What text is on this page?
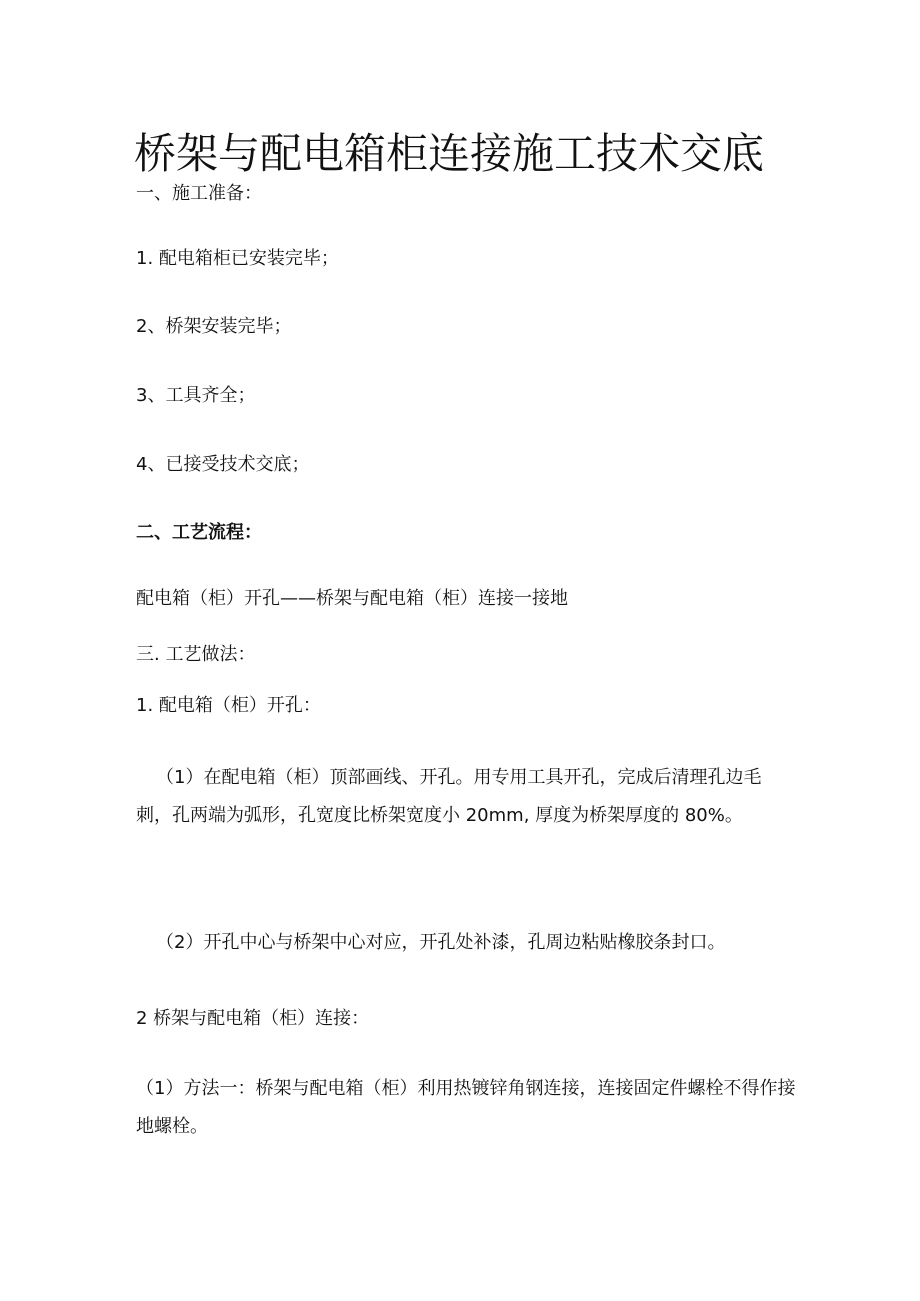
桥架与配电箱柜连接施工技术交底
一、施工准备：
1. 配电箱柜已安装完毕；
2、桥架安装完毕；
3、工具齐全；
4、已接受技术交底；
二、工艺流程：
配电箱（柜）开孔——桥架与配电箱（柜）连接一接地
三. 工艺做法：
1. 配电箱（柜）开孔：
（1）在配电箱（柜）顶部画线、开孔。用专用工具开孔，完成后清理孔边毛刺，孔两端为弧形，孔宽度比桥架宽度小 20mm, 厚度为桥架厚度的 80%。
（2）开孔中心与桥架中心对应，开孔处补漆，孔周边粘贴橡胶条封口。
2 桥架与配电箱（柜）连接：
（1）方法一：桥架与配电箱（柜）利用热镀锌角钢连接，连接固定件螺栓不得作接地螺栓。
